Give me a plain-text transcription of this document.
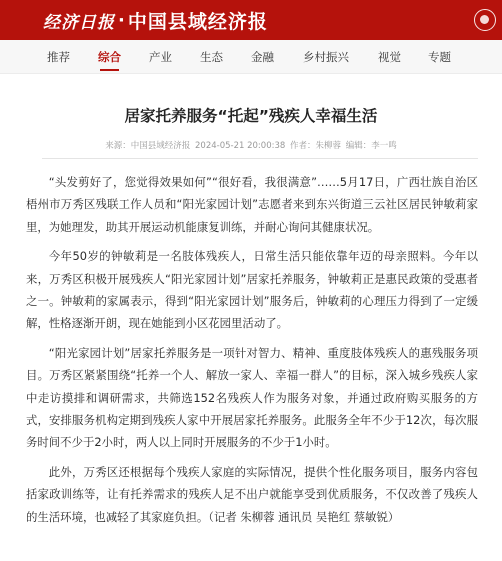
经济日报 · 中国县域经济报
推荐 综合 产业 生态 金融	乡村振兴	视觉 专题
居家托养服务“托起”残疾人幸福生活
来源：中国县域经济报 2024-05-21 20:00:38 作者：朱柳蓉 编辑：李一鸣

“头发剪好了，您觉得效果如何”“很好看，我很满意”……5月17日，广西壮族自治区梧州市万秀区残联工作人员和“阳光家园计划”志愿者来到东兴街道三云社区居民钟敏莉家里，为她理发，助其开展运动机能康复训练，并耐心询问其健康状况。

今年50岁的钟敏莉是一名肢体残疾人，日常生活只能依靠年迈的母亲照料。今年以来，万秀区积极开展残疾人“阳光家园计划”居家托养服务，钟敏莉正是惠民政策的受惠者之一。钟敏莉的家属表示，得到“阳光家园计划”服务后，钟敏莉的心理压力得到了一定缓解，性格逐渐开朗，现在她能到小区花园里活动了。

“阳光家园计划”居家托养服务是一项针对智力、精神、重度肢体残疾人的惠残服务项目。万秀区紧紧围绕“托养一个人、解放一家人、幸福一群人”的目标，深入城乡残疾人家中走访摸排和调研需求，共筛选152名残疾人作为服务对象，并通过政府购买服务的方式，安排服务机构定期到残疾人家中开展居家托养服务。此服务全年不少于12次，每次服务时间不少于2小时，两人以上同时开展服务的不少于1小时。

此外，万秀区还根据每个残疾人家庭的实际情况，提供个性化服务项目，服务内容包括家政训练等，让有托养需求的残疾人足不出户就能享受到优质服务，不仅改善了残疾人的生活环境，也减轻了其家庭负担。（记者 朱柳蓉 通讯员 吴艳红 蔡敏锐）
